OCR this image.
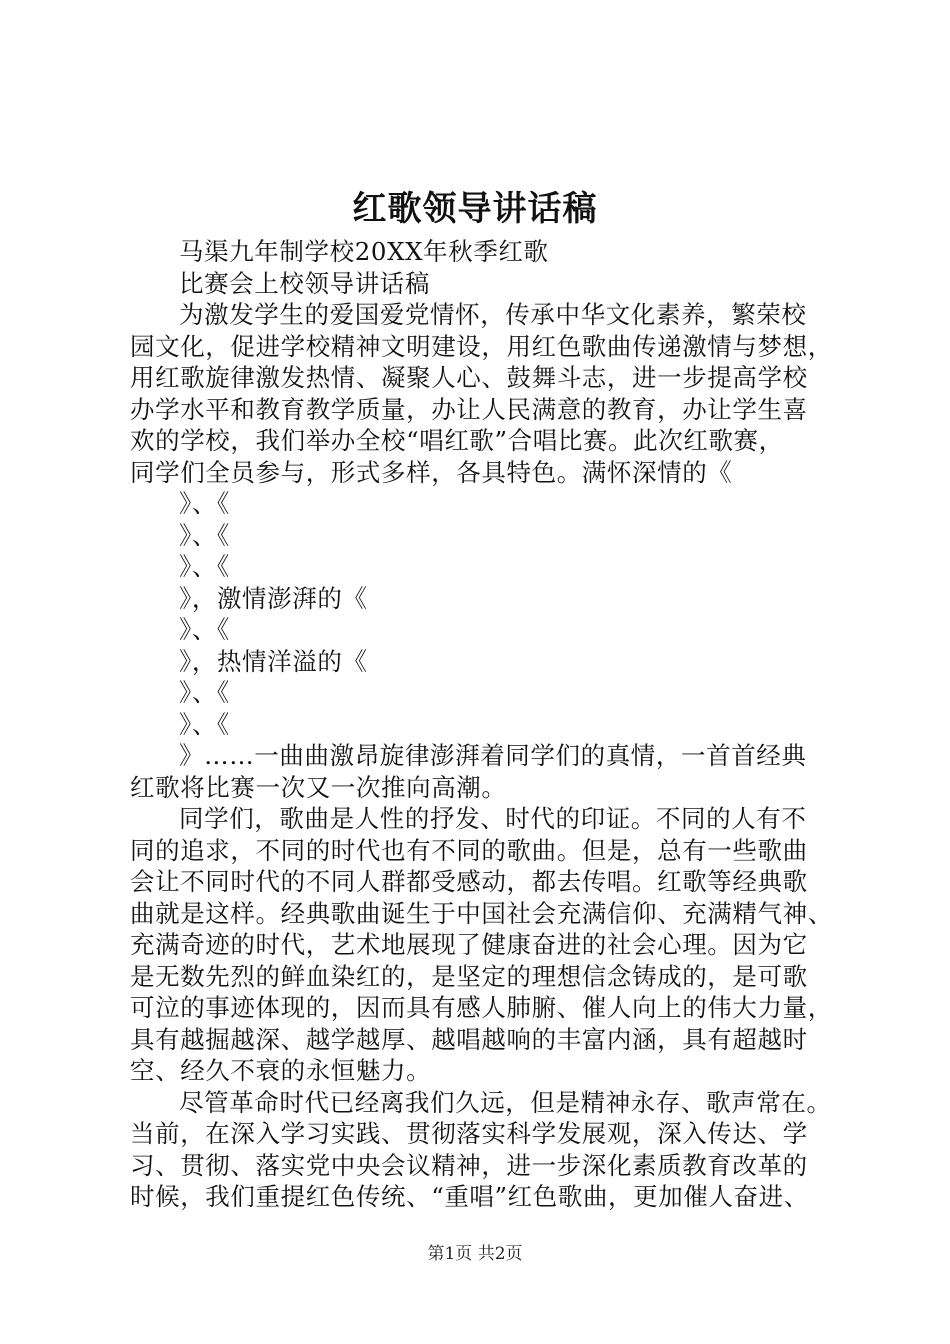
红歌领导讲话稿
马渠九年制学校20XX年秋季红歌
比赛会上校领导讲话稿
为激发学生的爱国爱党情怀，传承中华文化素养，繁荣校
园文化，促进学校精神文明建设，用红色歌曲传递激情与梦想，
用红歌旋律激发热情、凝聚人心、鼓舞斗志，进一步提高学校
办学水平和教育教学质量，办让人民满意的教育，办让学生喜
欢的学校，我们举办全校“唱红歌”合唱比赛。此次红歌赛，
同学们全员参与，形式多样，各具特色。满怀深情的《
》、《
》、《
》、《
》，激情澎湃的《
》、《
》，热情洋溢的《
》、《
》、《
》……一曲曲激昂旋律澎湃着同学们的真情，一首首经典
红歌将比赛一次又一次推向高潮。
同学们，歌曲是人性的抒发、时代的印证。不同的人有不
同的追求，不同的时代也有不同的歌曲。但是，总有一些歌曲
会让不同时代的不同人群都受感动，都去传唱。红歌等经典歌
曲就是这样。经典歌曲诞生于中国社会充满信仰、充满精气神、
充满奇迹的时代，艺术地展现了健康奋进的社会心理。因为它
是无数先烈的鲜血染红的，是坚定的理想信念铸成的，是可歌
可泣的事迹体现的，因而具有感人肺腑、催人向上的伟大力量，
具有越掘越深、越学越厚、越唱越响的丰富内涵，具有超越时
空、经久不衰的永恒魅力。
尽管革命时代已经离我们久远，但是精神永存、歌声常在。
当前，在深入学习实践、贯彻落实科学发展观，深入传达、学
习、贯彻、落实党中央会议精神，进一步深化素质教育改革的
时候，我们重提红色传统、“重唱”红色歌曲，更加催人奋进、
第1页 共2页
